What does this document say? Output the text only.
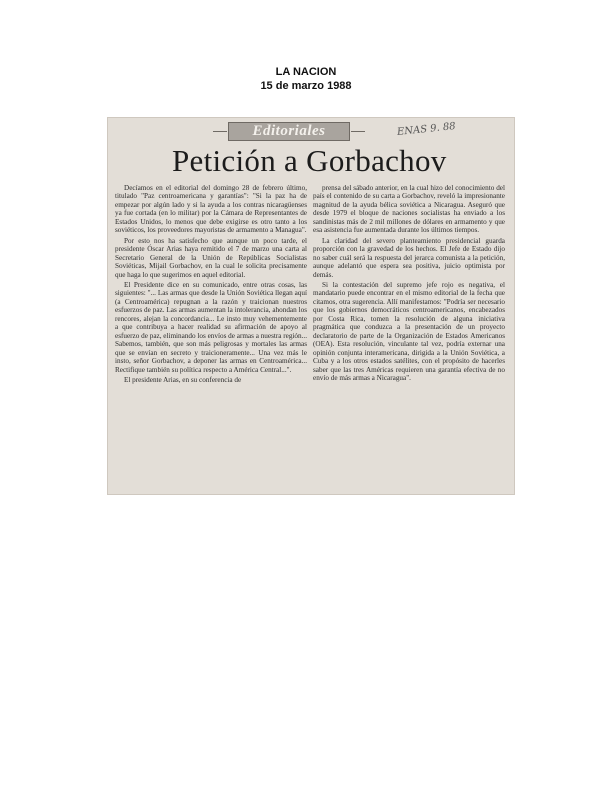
LA NACION
15 de marzo 1988
Editoriales	ENAS 9. 88
Petición a Gorbachov

Decíamos en el editorial del domingo 28 de febrero último, titulado "Paz centroamericana y garantías": "Si la paz ha de empezar por algún lado y si la ayuda a los contras nicaragüenses ya fue cortada (en lo militar) por la Cámara de Representantes de Estados Unidos, lo menos que debe exigirse es otro tanto a los soviéticos, los proveedores mayoristas de armamento a Managua".

Por esto nos ha satisfecho que aunque un poco tarde, el presidente Óscar Arias haya remitido el 7 de marzo una carta al Secretario General de la Unión de Repúblicas Socialistas Soviéticas, Mijail Gorbachov, en la cual le solicita precisamente que haga lo que sugerimos en aquel editorial.

El Presidente dice en su comunicado, entre otras cosas, las siguientes: "... Las armas que desde la Unión Soviética llegan aquí (a Centroamérica) repugnan a la razón y traicionan nuestros esfuerzos de paz. Las armas aumentan la intolerancia, ahondan los rencores, alejan la concordancia... Le insto muy vehementemente a que contribuya a hacer realidad su afirmación de apoyo al esfuerzo de paz, eliminando los envíos de armas a nuestra región... Sabemos, también, que son más peligrosas y mortales las armas que se envían en secreto y traicioneramente... Una vez más le insto, señor Gorbachov, a deponer las armas en Centroamérica... Rectifique también su política respecto a América Central...".

El presidente Arias, en su conferencia de

prensa del sábado anterior, en la cual hizo del conocimiento del país el contenido de su carta a Gorbachov, reveló la impresionante magnitud de la ayuda bélica soviética a Nicaragua. Aseguró que desde 1979 el bloque de naciones socialistas ha enviado a los sandinistas más de 2 mil millones de dólares en armamento y que esa asistencia fue aumentada durante los últimos tiempos.

La claridad del severo planteamiento presidencial guarda proporción con la gravedad de los hechos. El Jefe de Estado dijo no saber cuál será la respuesta del jerarca comunista a la petición, aunque adelantó que espera sea positiva, juicio optimista por demás.

Si la contestación del supremo jefe rojo es negativa, el mandatario puede encontrar en el mismo editorial de la fecha que citamos, otra sugerencia. Allí manifestamos: "Podría ser necesario que los gobiernos democráticos centroamericanos, encabezados por Costa Rica, tomen la resolución de alguna iniciativa pragmática que conduzca a la presentación de un proyecto declaratorio de parte de la Organización de Estados Americanos (OEA). Esta resolución, vinculante tal vez, podría externar una opinión conjunta interamericana, dirigida a la Unión Soviética, a Cuba y a los otros estados satélites, con el propósito de hacerles saber que las tres Américas requieren una garantía efectiva de no envío de más armas a Nicaragua".
